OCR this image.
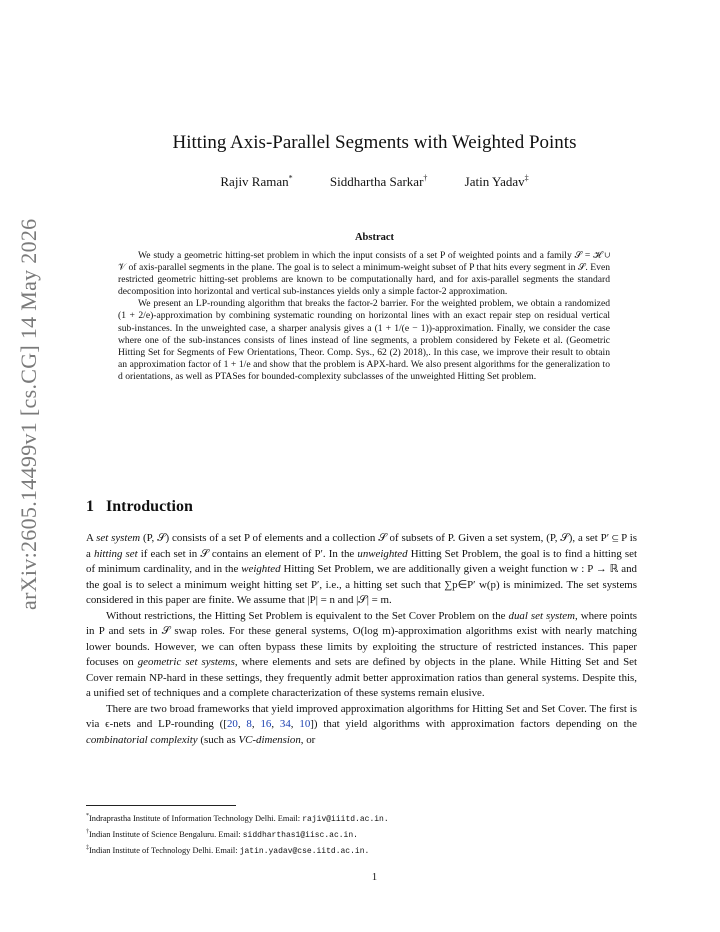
arXiv:2605.14499v1 [cs.CG] 14 May 2026
Hitting Axis-Parallel Segments with Weighted Points
Rajiv Raman*	Siddhartha Sarkar†	Jatin Yadav‡
Abstract

We study a geometric hitting-set problem in which the input consists of a set P of weighted points and a family 𝒮 = ℋ ∪ 𝒱 of axis-parallel segments in the plane. The goal is to select a minimum-weight subset of P that hits every segment in 𝒮. Even restricted geometric hitting-set problems are known to be computationally hard, and for axis-parallel segments the standard decomposition into horizontal and vertical sub-instances yields only a simple factor-2 approximation.

We present an LP-rounding algorithm that breaks the factor-2 barrier. For the weighted problem, we obtain a randomized (1 + 2/e)-approximation by combining systematic rounding on horizontal lines with an exact repair step on residual vertical sub-instances. In the unweighted case, a sharper analysis gives a (1 + 1/(e − 1))-approximation. Finally, we consider the case where one of the sub-instances consists of lines instead of line segments, a problem considered by Fekete et al. (Geometric Hitting Set for Segments of Few Orientations, Theor. Comp. Sys., 62 (2) 2018),. In this case, we improve their result to obtain an approximation factor of 1 + 1/e and show that the problem is APX-hard. We also present algorithms for the generalization to d orientations, as well as PTASes for bounded-complexity subclasses of the unweighted Hitting Set problem.

1 Introduction

A set system (P, 𝒮) consists of a set P of elements and a collection 𝒮 of subsets of P. Given a set system, (P, 𝒮), a set P′ ⊆ P is a hitting set if each set in 𝒮 contains an element of P′. In the unweighted Hitting Set Problem, the goal is to find a hitting set of minimum cardinality, and in the weighted Hitting Set Problem, we are additionally given a weight function w : P → ℝ and the goal is to select a minimum weight hitting set P′, i.e., a hitting set such that ∑p∈P′ w(p) is minimized. The set systems considered in this paper are finite. We assume that |P| = n and |𝒮| = m.

Without restrictions, the Hitting Set Problem is equivalent to the Set Cover Problem on the dual set system, where points in P and sets in 𝒮 swap roles. For these general systems, O(log m)-approximation algorithms exist with nearly matching lower bounds. However, we can often bypass these limits by exploiting the structure of restricted instances. This paper focuses on geometric set systems, where elements and sets are defined by objects in the plane. While Hitting Set and Set Cover remain NP-hard in these settings, they frequently admit better approximation ratios than general systems. Despite this, a unified set of techniques and a complete characterization of these systems remain elusive.

There are two broad frameworks that yield improved approximation algorithms for Hitting Set and Set Cover. The first is via ϵ-nets and LP-rounding ([20, 8, 16, 34, 10]) that yield algorithms with approximation factors depending on the combinatorial complexity (such as VC-dimension, or

*Indraprastha Institute of Information Technology Delhi. Email: rajiv@iiitd.ac.in.
†Indian Institute of Science Bengaluru. Email: siddharthas1@iisc.ac.in.
‡Indian Institute of Technology Delhi. Email: jatin.yadav@cse.iitd.ac.in.
1
